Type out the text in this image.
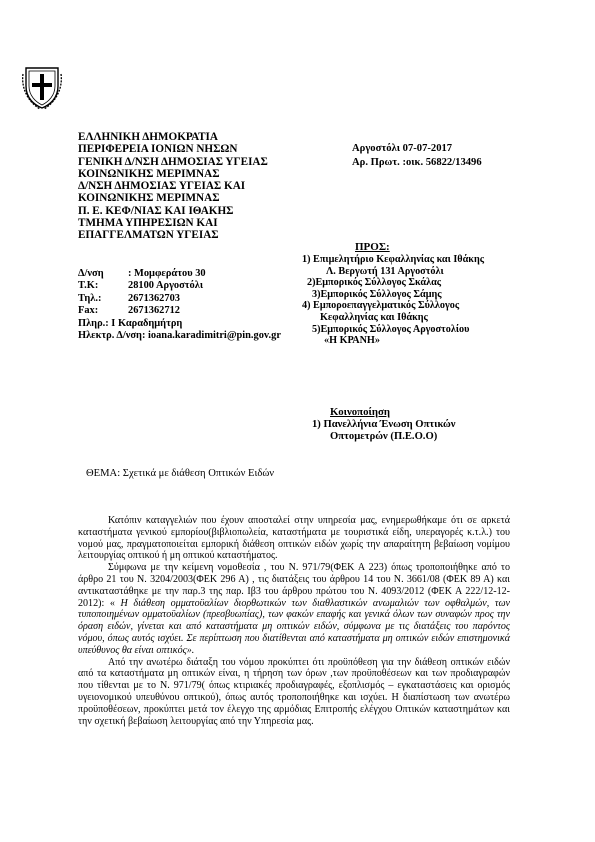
ΕΛΛΗΝΙΚΗ ΔΗΜΟΚΡΑΤΙΑ
ΠΕΡΙΦΕΡΕΙΑ ΙΟΝΙΩΝ ΝΗΣΩΝ
ΓΕΝΙΚΗ Δ/ΝΣΗ ΔΗΜΟΣΙΑΣ ΥΓΕΙΑΣ
ΚΟΙΝΩΝΙΚΗΣ ΜΕΡΙΜΝΑΣ
Δ/ΝΣΗ ΔΗΜΟΣΙΑΣ ΥΓΕΙΑΣ ΚΑΙ
ΚΟΙΝΩΝΙΚΗΣ ΜΕΡΙΜΝΑΣ
Π. Ε. ΚΕΦ/ΝΙΑΣ ΚΑΙ ΙΘΑΚΗΣ
ΤΜΗΜΑ ΥΠΗΡΕΣΙΩΝ ΚΑΙ
ΕΠΑΓΓΕΛΜΑΤΩΝ ΥΓΕΙΑΣ
Αργοστόλι 07-07-2017
Αρ. Πρωτ. :οικ. 56822/13496
Δ/νση : Μομφεράτου 30
Τ.Κ:	28100 Αργοστόλι
Τηλ.:	2671362703
Fax:	2671362712
Πληρ.: Ι Καραδημήτρη
Ηλεκτρ. Δ/νση: ioana.karadimitri@pin.gov.gr
ΠΡΟΣ:
1) Επιμελητήριο Κεφαλληνίας και Ιθάκης
Λ. Βεργωτή 131 Αργοστόλι
2)Εμπορικός Σύλλογος Σκάλας
3)Εμπορικός Σύλλογος Σάμης
4) Εμποροεπαγγελματικός Σύλλογος
Κεφαλληνίας και Ιθάκης
5)Εμπορικός Σύλλογος Αργοστολίου
«Η ΚΡΑΝΗ»
Κοινοποίηση
1) Πανελλήνια Ένωση Οπτικών
Οπτομετρών (Π.Ε.Ο.Ο)
ΘΕΜΑ: Σχετικά με διάθεση Οπτικών Ειδών

Κατόπιν καταγγελιών που έχουν αποσταλεί στην υπηρεσία μας, ενημερωθήκαμε ότι σε αρκετά καταστήματα γενικού εμπορίου(βιβλιοπωλεία, καταστήματα με τουριστικά είδη, υπεραγορές κ.τ.λ.) του νομού μας, πραγματοποιείται εμπορική διάθεση οπτικών ειδών χωρίς την απαραίτητη βεβαίωση νομίμου λειτουργίας οπτικού ή μη οπτικού καταστήματος.

Σύμφωνα με την κείμενη νομοθεσία , του Ν. 971/79(ΦΕΚ Α 223) όπως τροποποιήθηκε από το άρθρο 21 του Ν. 3204/2003(ΦΕΚ 296 Α) , τις διατάξεις του άρθρου 14 του Ν. 3661/08 (ΦΕΚ 89 Α) και αντικαταστάθηκε με την παρ.3 της παρ. Ιβ3 του άρθρου πρώτου του Ν. 4093/2012 (ΦΕΚ Α 222/12-12-2012): « Η διάθεση ομματοϋαλίων διορθωτικών των διαθλαστικών ανωμαλιών των οφθαλμών, των τυποποιημένων ομματοϋαλίων (πρεσβυωπίας), των φακών επαφής και γενικά όλων των συναφών προς την όραση ειδών, γίνεται και από καταστήματα μη οπτικών ειδών, σύμφωνα με τις διατάξεις του παρόντος νόμου, όπως αυτός ισχύει. Σε περίπτωση που διατίθενται από καταστήματα μη οπτικών ειδών επιστημονικά υπεύθυνος θα είναι οπτικός».

Από την ανωτέρω διάταξη του νόμου προκύπτει ότι προϋπόθεση για την διάθεση οπτικών ειδών από τα καταστήματα μη οπτικών είναι, η τήρηση των όρων ,των προϋποθέσεων και των προδιαγραφών που τίθενται με το Ν. 971/79( όπως κτιριακές προδιαγραφές, εξοπλισμός – εγκαταστάσεις και ορισμός υγειονομικού υπευθύνου οπτικού), όπως αυτός τροποποιήθηκε και ισχύει. Η διαπίστωση των ανωτέρω προϋποθέσεων, προκύπτει μετά τον έλεγχο της αρμόδιας Επιτροπής ελέγχου Οπτικών καταστημάτων και την σχετική βεβαίωση λειτουργίας από την Υπηρεσία μας.
